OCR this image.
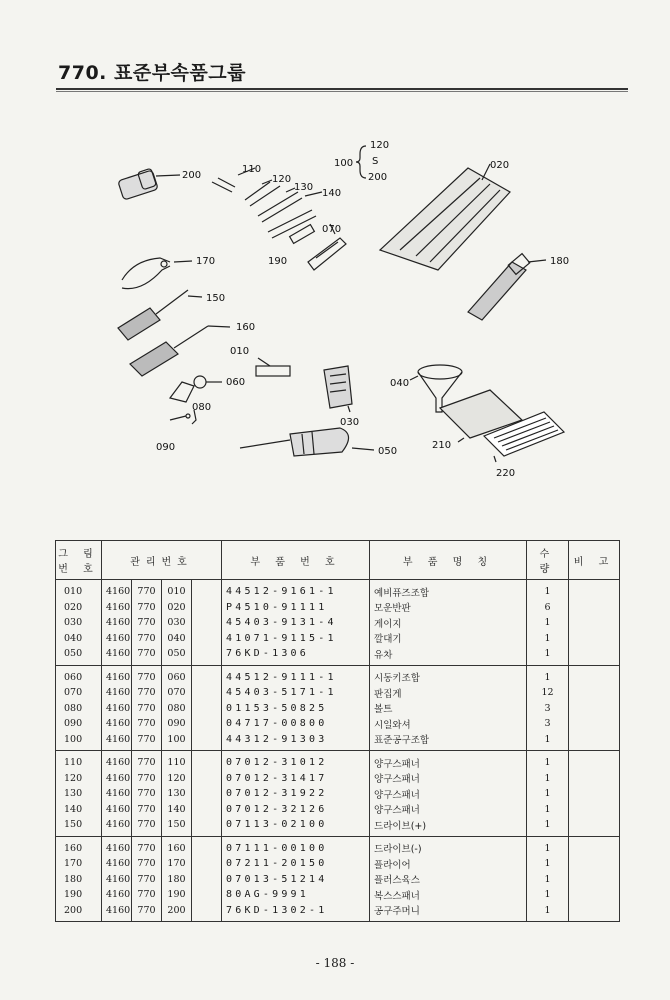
770. 표준부속품그룹
200
110
120
130
140
070
190
170
150
160
010
060
080
090
030
040
050
210
220
020
180
100
120
S
200
그 림 번 호	관리번호				부 품 번 호	부 품 명 칭	수 량	비 고
010	4160	770	010		44512-9161-1	예비퓨즈조합	1	
020	4160	770	020		P4510-91111	모운반판	6	
030	4160	770	030		45403-9131-4	게이지	1	
040	4160	770	040		41071-9115-1	깔대기	1	
050	4160	770	050		76KD-1306	유차	1	
060	4160	770	060		44512-9111-1	시동키조합	1	
070	4160	770	070		45403-5171-1	판집게	12	
080	4160	770	080		01153-50825	볼트	3	
090	4160	770	090		04717-00800	시일와셔	3	
100	4160	770	100		44312-91303	표준공구조합	1	
110	4160	770	110		07012-31012	양구스패너	1	
120	4160	770	120		07012-31417	양구스패너	1	
130	4160	770	130		07012-31922	양구스패너	1	
140	4160	770	140		07012-32126	양구스패너	1	
150	4160	770	150		07113-02100	드라이브(+)	1	
160	4160	770	160		07111-00100	드라이브(-)	1	
170	4160	770	170		07211-20150	플라이어	1	
180	4160	770	180		07013-51214	플러스육스	1	
190	4160	770	190		80AG-9991	복스스패너	1	
200	4160	770	200		76KD-1302-1	공구주머니	1	
- 188 -
